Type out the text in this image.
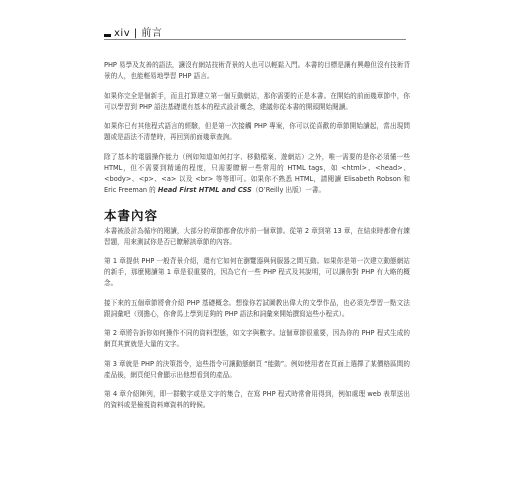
xiv | 前言

PHP 易學及友善的語法，讓沒有網站技術背景的人也可以輕鬆入門。本書的目標是讓有興趣但沒有技術背景的人，也能輕易地學習 PHP 語言。

如果你完全是個新手，而且打算建立第一個互動網站，那你需要的正是本書。在開始的前面幾章節中，你可以學習到 PHP 語法基礎還有基本的程式設計概念，建議你從本書的開頭開始閱讀。

如果你已有其他程式語言的經驗，但是第一次接觸 PHP 專案，你可以從喜歡的章節開始讀起，當出現問題或是語法不清楚時，再回到前面幾章查詢。

除了基本的電腦操作能力（例如知道如何打字、移動檔案、遊網站）之外，唯一需要的是你必須懂一些 HTML，但不需要到精通的程度，只需要瞭解一些常用的 HTML tags，如 <html>、<head>、<body>、<p>、<a> 以及 <br> 等等即可。如果你不熟悉 HTML，請閱讀 Elisabeth Robson 和 Eric Freeman 的 Head First HTML and CSS（O’Reilly 出版）一書。

本書內容

本書被設計為循序的閱讀，大部分的章節都會依序前一個章節。從第 2 章到第 13 章，在結束時都會有練習題，用來測試你是否已瞭解該章節的內容。

第 1 章提供 PHP 一般背景介紹，還有它如何在瀏覽器與伺服器之間互動。如果你是第一次建立動態網站的新手，那麼閱讀第 1 章是很重要的，因為它有一些 PHP 程式及其說明，可以讓你對 PHP 有大略的概念。

接下來的五個章節將會介紹 PHP 基礎概念。想像你若試圖教出偉大的文學作品，也必須先學習一點文法跟詞彙吧（別擔心，你會馬上學到足夠的 PHP 語法和詞彙來開始撰寫這些小程式）。

第 2 章將告訴你如何操作不同的資料型態，如文字與數字。這個章節很重要，因為你的 PHP 程式生成的網頁其實就是大量的文字。

第 3 章就是 PHP 的決策指令，這些指令可讓動態網頁 “能動”。例如使用者在頁面上選擇了某價格區間的產品後，網頁便只會顯示出他想看到的產品。

第 4 章介紹陣列，即一群數字或是文字的集合，在寫 PHP 程式時常會用得到，例如處理 web 表單送出的資料或是檢視資料庫資料的時候。
